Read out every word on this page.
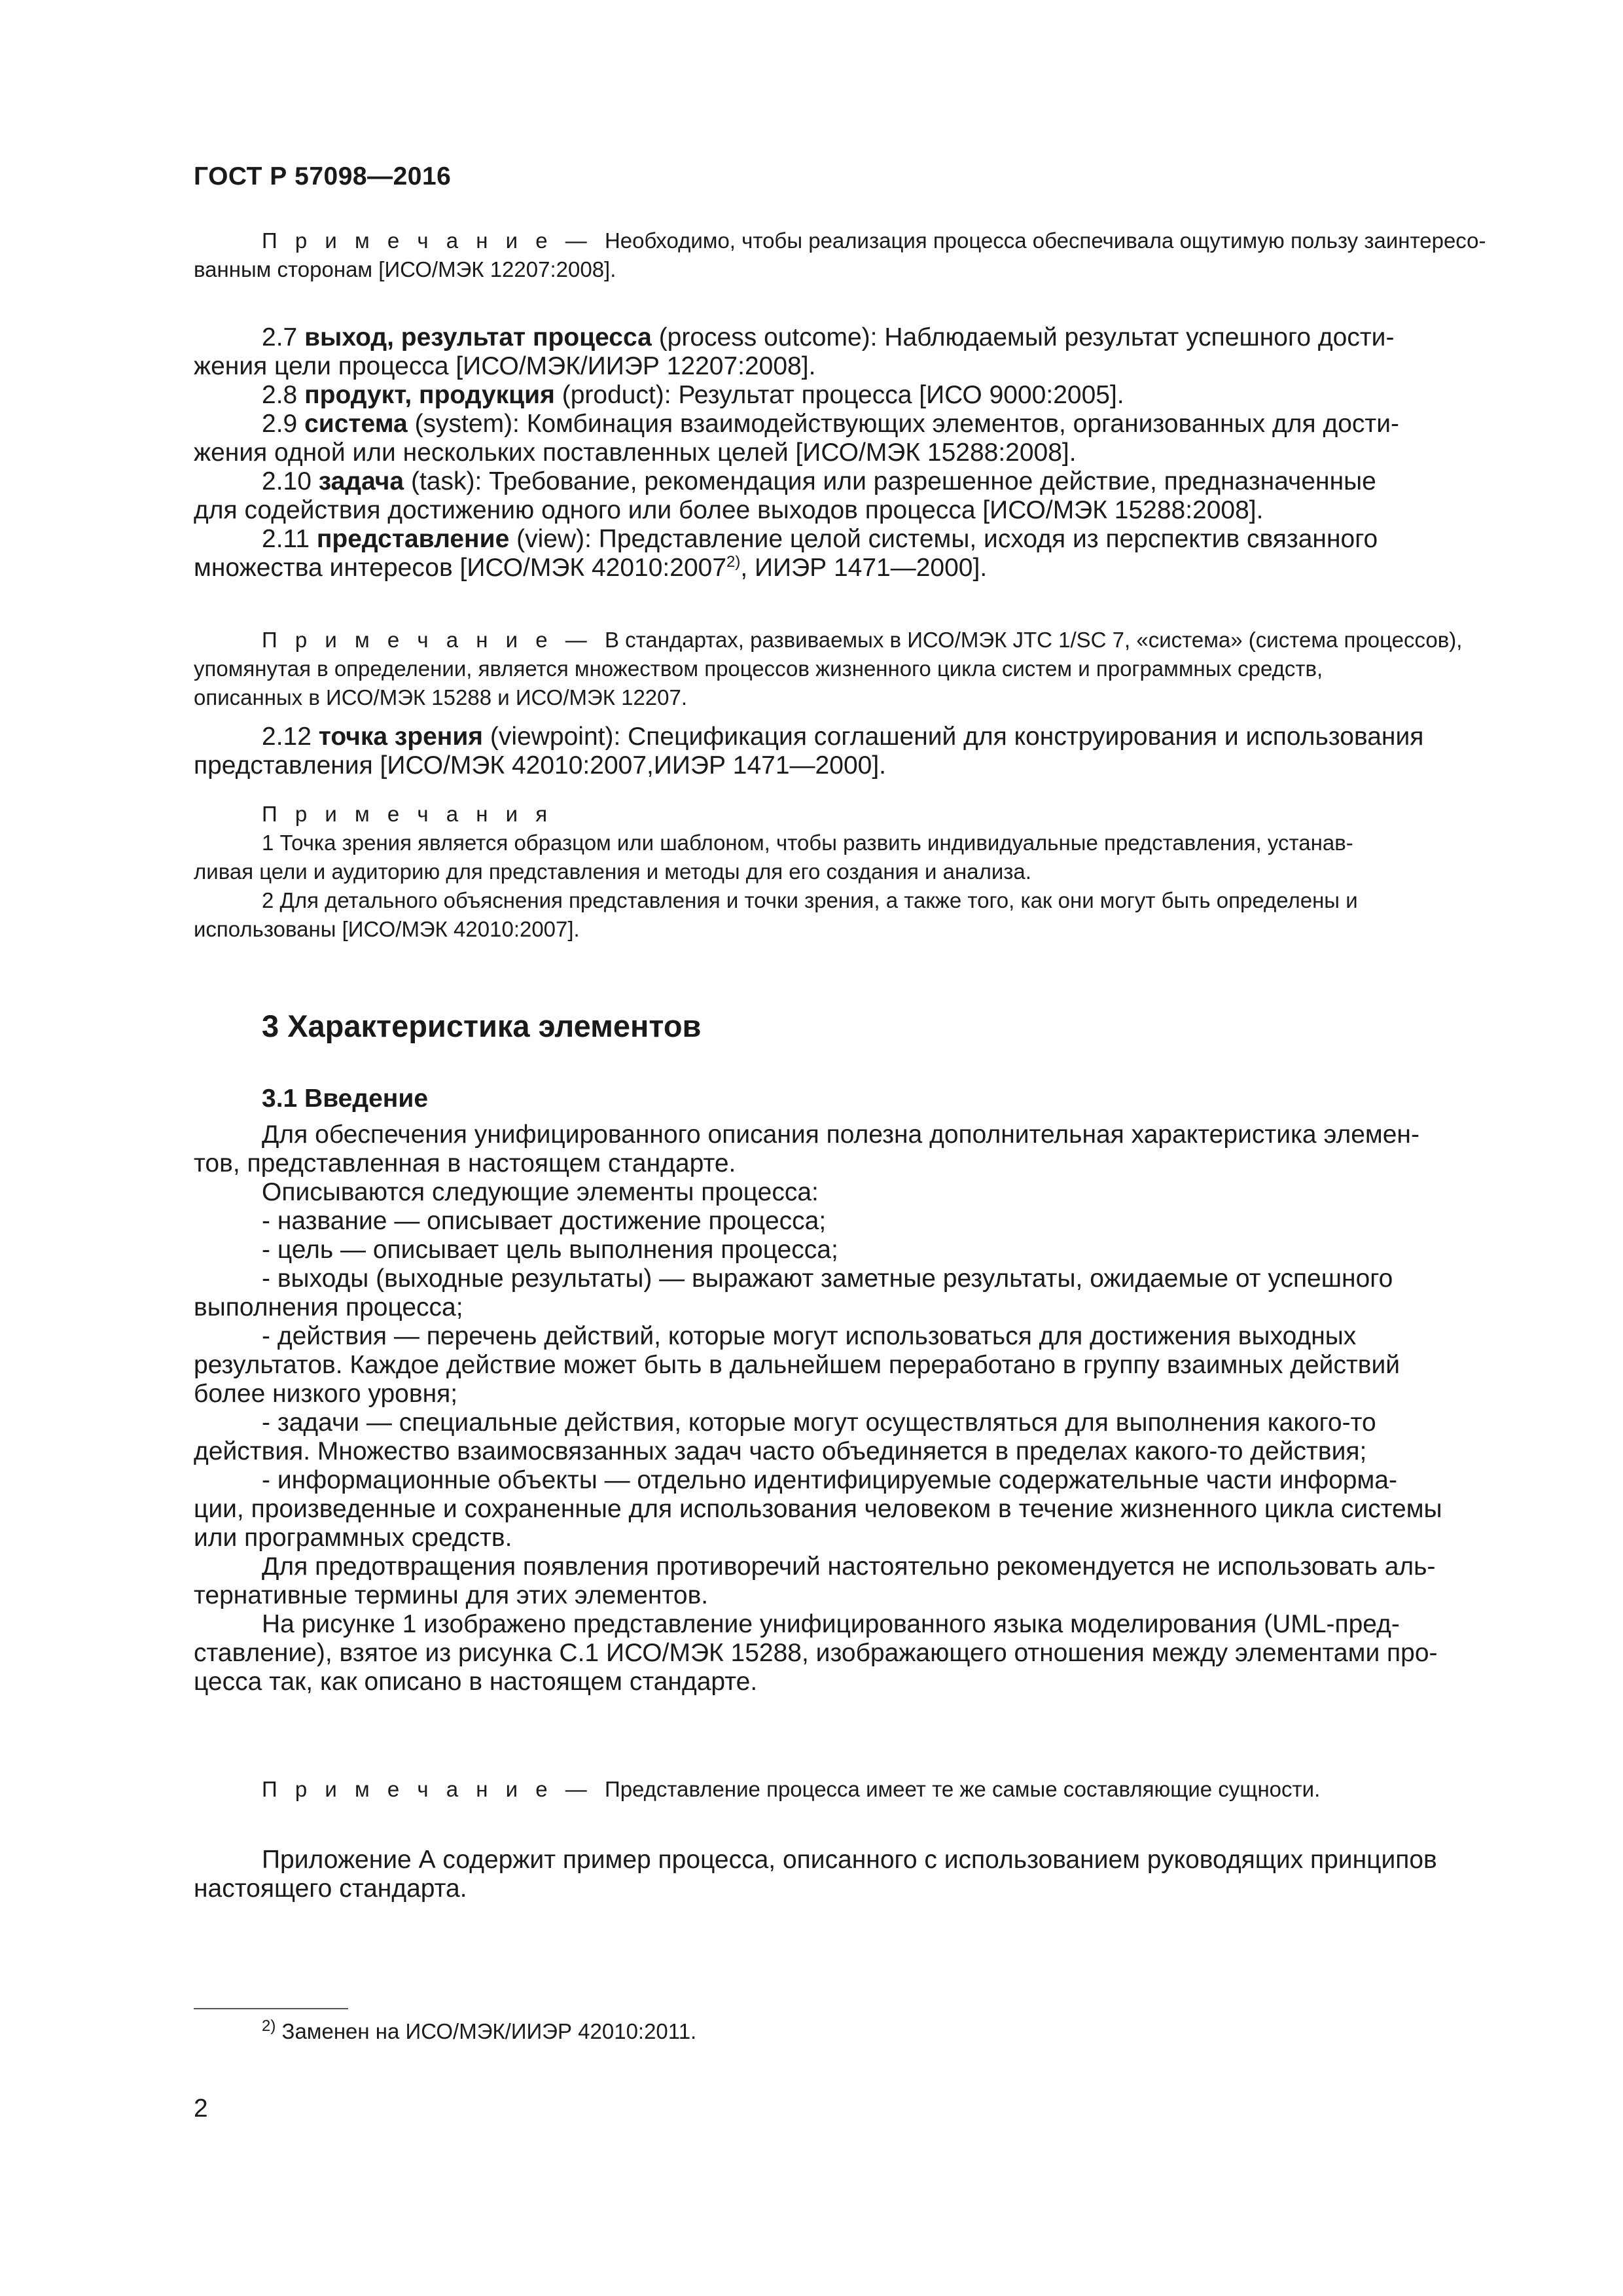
ГОСТ Р 57098—2016

П р и м е ч а н и е — Необходимо, чтобы реализация процесса обеспечивала ощутимую пользу заинтересо-

ванным сторонам [ИСО/МЭК 12207:2008].

2.7 выход, результат процесса (process outcome): Наблюдаемый результат успешного дости-

жения цели процесса [ИСО/МЭК/ИИЭР 12207:2008].

2.8 продукт, продукция (product): Результат процесса [ИСО 9000:2005].

2.9 система (system): Комбинация взаимодействующих элементов, организованных для дости-

жения одной или нескольких поставленных целей [ИСО/МЭК 15288:2008].

2.10 задача (task): Требование, рекомендация или разрешенное действие, предназначенные

для содействия достижению одного или более выходов процесса [ИСО/МЭК 15288:2008].

2.11 представление (view): Представление целой системы, исходя из перспектив связанного

множества интересов [ИСО/МЭК 42010:2007$^{2)}$, ИИЭР 1471—2000].

П р и м е ч а н и е — В стандартах, развиваемых в ИСО/МЭК JTC 1/SC 7, «система» (система процессов),

упомянутая в определении, является множеством процессов жизненного цикла систем и программных средств,

описанных в ИСО/МЭК 15288 и ИСО/МЭК 12207.

2.12 точка зрения (viewpoint): Спецификация соглашений для конструирования и использования

представления [ИСО/МЭК 42010:2007,ИИЭР 1471—2000].

П р и м е ч а н и я

1 Точка зрения является образцом или шаблоном, чтобы развить индивидуальные представления, устанав-

ливая цели и аудиторию для представления и методы для его создания и анализа.

2 Для детального объяснения представления и точки зрения, а также того, как они могут быть определены и

использованы [ИСО/МЭК 42010:2007].

3 Характеристика элементов
3.1 Введение

Для обеспечения унифицированного описания полезна дополнительная характеристика элемен-

тов, представленная в настоящем стандарте.

Описываются следующие элементы процесса:

- название — описывает достижение процесса;

- цель — описывает цель выполнения процесса;

- выходы (выходные результаты) — выражают заметные результаты, ожидаемые от успешного

выполнения процесса;

- действия — перечень действий, которые могут использоваться для достижения выходных

результатов. Каждое действие может быть в дальнейшем переработано в группу взаимных действий

более низкого уровня;

- задачи — специальные действия, которые могут осуществляться для выполнения какого-то

действия. Множество взаимосвязанных задач часто объединяется в пределах какого-то действия;

- информационные объекты — отдельно идентифицируемые содержательные части информа-

ции, произведенные и сохраненные для использования человеком в течение жизненного цикла системы

или программных средств.

Для предотвращения появления противоречий настоятельно рекомендуется не использовать аль-

тернативные термины для этих элементов.

На рисунке 1 изображено представление унифицированного языка моделирования (UML-пред-

ставление), взятое из рисунка С.1 ИСО/МЭК 15288, изображающего отношения между элементами про-

цесса так, как описано в настоящем стандарте.

П р и м е ч а н и е — Представление процесса имеет те же самые составляющие сущности.

Приложение А содержит пример процесса, описанного с использованием руководящих принципов

настоящего стандарта.

$^{2)}$ Заменен на ИСО/МЭК/ИИЭР 42010:2011.
2
